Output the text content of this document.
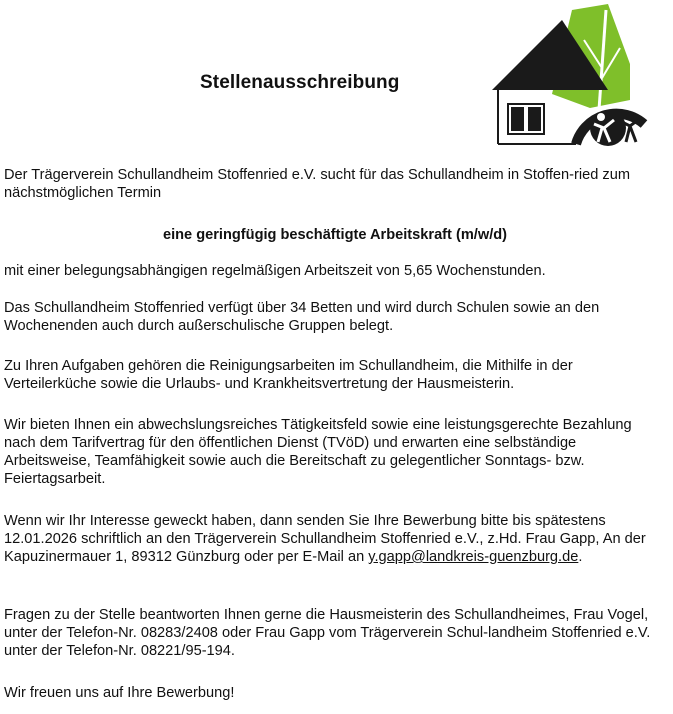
Stellenausschreibung
Der Trägerverein Schullandheim Stoffenried e.V. sucht für das Schullandheim in Stoffen-ried zum nächstmöglichen Termin
eine geringfügig beschäftigte Arbeitskraft (m/w/d)
mit einer belegungsabhängigen regelmäßigen Arbeitszeit von 5,65 Wochenstunden.
Das Schullandheim Stoffenried verfügt über 34 Betten und wird durch Schulen sowie an den Wochenenden auch durch außerschulische Gruppen belegt.
Zu Ihren Aufgaben gehören die Reinigungsarbeiten im Schullandheim, die Mithilfe in der Verteilerküche sowie die Urlaubs- und Krankheitsvertretung der Hausmeisterin.
Wir bieten Ihnen ein abwechslungsreiches Tätigkeitsfeld sowie eine leistungsgerechte Bezahlung nach dem Tarifvertrag für den öffentlichen Dienst (TVöD) und erwarten eine selbständige Arbeitsweise, Teamfähigkeit sowie auch die Bereitschaft zu gelegentlicher Sonntags- bzw. Feiertagsarbeit.
Wenn wir Ihr Interesse geweckt haben, dann senden Sie Ihre Bewerbung bitte bis spätestens 12.01.2026 schriftlich an den Trägerverein Schullandheim Stoffenried e.V., z.Hd. Frau Gapp, An der Kapuzinermauer 1, 89312 Günzburg oder per E-Mail an y.gapp@landkreis-guenzburg.de.
Fragen zu der Stelle beantworten Ihnen gerne die Hausmeisterin des Schullandheimes, Frau Vogel, unter der Telefon-Nr. 08283/2408 oder Frau Gapp vom Trägerverein Schul-landheim Stoffenried e.V. unter der Telefon-Nr. 08221/95-194.
Wir freuen uns auf Ihre Bewerbung!
